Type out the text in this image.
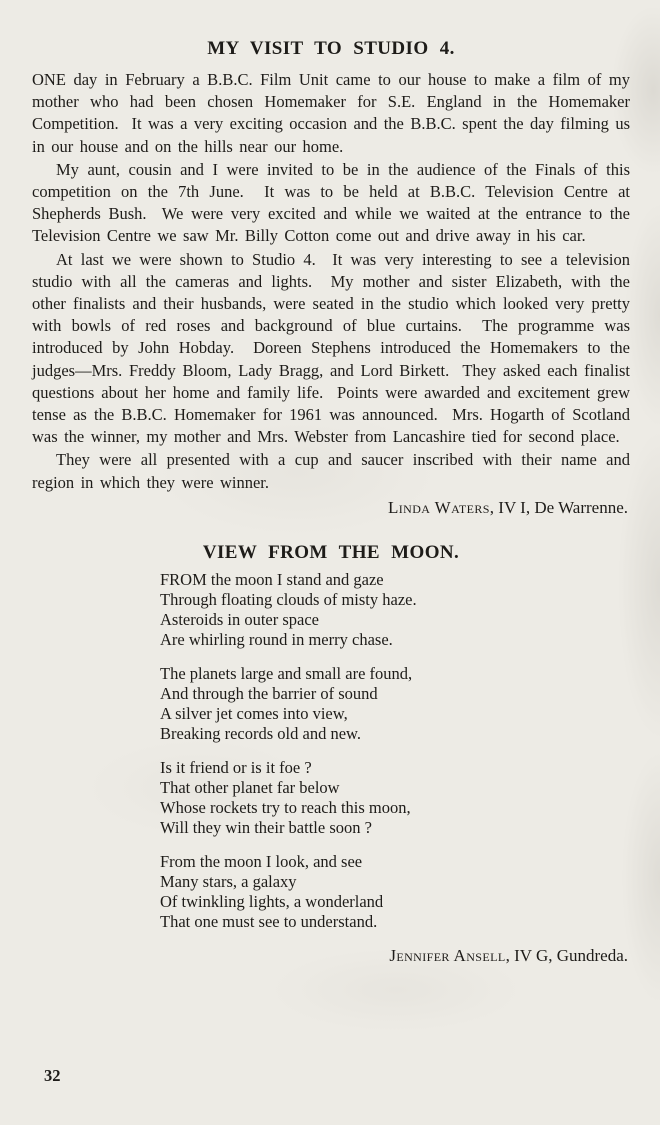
MY VISIT TO STUDIO 4.

ONE day in February a B.B.C. Film Unit came to our house to make a film of my mother who had been chosen Homemaker for S.E. England in the Homemaker Competition.  It was a very exciting occasion and the B.B.C. spent the day filming us in our house and on the hills near our home.

My aunt, cousin and I were invited to be in the audience of the Finals of this competition on the 7th June.  It was to be held at B.B.C. Television Centre at Shepherds Bush.  We were very excited and while we waited at the entrance to the Television Centre we saw Mr. Billy Cotton come out and drive away in his car.

At last we were shown to Studio 4.  It was very interesting to see a television studio with all the cameras and lights.  My mother and sister Elizabeth, with the other finalists and their husbands, were seated in the studio which looked very pretty with bowls of red roses and background of blue curtains.  The programme was introduced by John Hobday.  Doreen Stephens introduced the Homemakers to the judges—Mrs. Freddy Bloom, Lady Bragg, and Lord Birkett.  They asked each finalist questions about her home and family life.  Points were awarded and excitement grew tense as the B.B.C. Homemaker for 1961 was announced.  Mrs. Hogarth of Scotland was the winner, my mother and Mrs. Webster from Lancashire tied for second place.

They were all presented with a cup and saucer inscribed with their name and region in which they were winner.

Linda Waters, IV I, De Warrenne.
VIEW FROM THE MOON.
FROM the moon I stand and gaze
Through floating clouds of misty haze.
Asteroids in outer space
Are whirling round in merry chase.
The planets large and small are found,
And through the barrier of sound
A silver jet comes into view,
Breaking records old and new.
Is it friend or is it foe ?
That other planet far below
Whose rockets try to reach this moon,
Will they win their battle soon ?
From the moon I look, and see
Many stars, a galaxy
Of twinkling lights, a wonderland
That one must see to understand.
Jennifer Ansell, IV G, Gundreda.
32
